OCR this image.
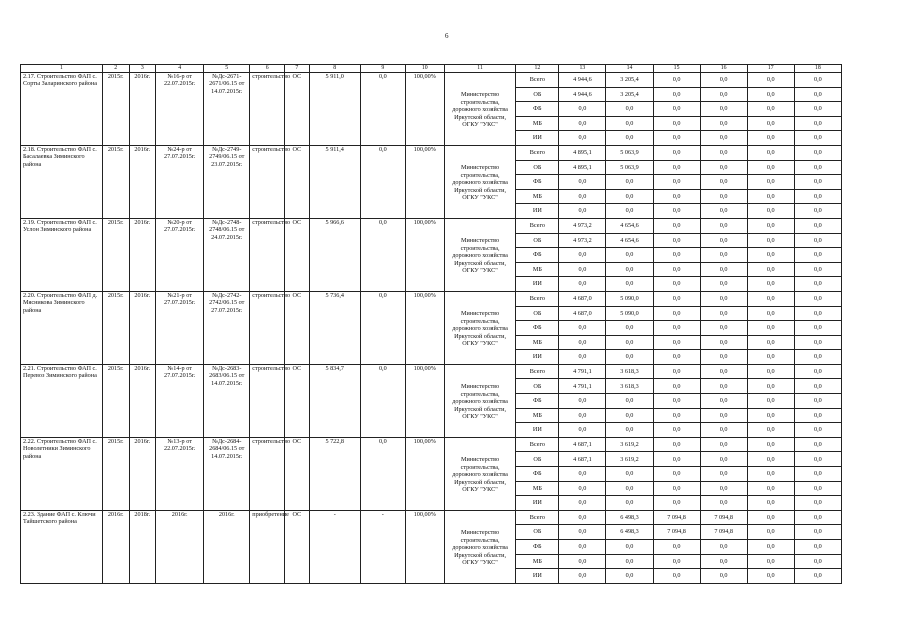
6
1	2	3	4	5	6	7	8	9	10	11	12	13	14	15	16	17	18
2.17. Строительство ФАП с. Сорты Заларинского района	2015г.	2016г.	№16-р от 22.07.2015г.	№Дс-2671-2671/06.15 от 14.07.2015г.	строительство	ОС	5 911,0	0,0	100,00%	Министерство строительства, дорожного хозяйства Иркутской области, ОГКУ "УКС"	Всего	4 944,6	3 205,4	0,0	0,0	0,0	0,0
											ОБ	4 944,6	3 205,4	0,0	0,0	0,0	0,0
											ФБ	0,0	0,0	0,0	0,0	0,0	0,0
											МБ	0,0	0,0	0,0	0,0	0,0	0,0
											ИИ	0,0	0,0	0,0	0,0	0,0	0,0
2.18. Строительство ФАП с. Басалаевка Зиминского района	2015г.	2016г.	№24-р от 27.07.2015г.	№Дс-2749-2749/06.15 от 23.07.2015г.	строительство	ОС	5 911,4	0,0	100,00%	Министерство строительства, дорожного хозяйства Иркутской области, ОГКУ "УКС"	Всего	4 895,1	5 063,9	0,0	0,0	0,0	0,0
											ОБ	4 895,1	5 063,9	0,0	0,0	0,0	0,0
											ФБ	0,0	0,0	0,0	0,0	0,0	0,0
											МБ	0,0	0,0	0,0	0,0	0,0	0,0
											ИИ	0,0	0,0	0,0	0,0	0,0	0,0
2.19. Строительство ФАП с. Услон Зиминского района	2015г.	2016г.	№20-р от 27.07.2015г.	№Дс-2748-2748/06.15 от 24.07.2015г.	строительство	ОС	5 966,6	0,0	100,00%	Министерство строительства, дорожного хозяйства Иркутской области, ОГКУ "УКС"	Всего	4 973,2	4 654,6	0,0	0,0	0,0	0,0
											ОБ	4 973,2	4 654,6	0,0	0,0	0,0	0,0
											ФБ	0,0	0,0	0,0	0,0	0,0	0,0
											МБ	0,0	0,0	0,0	0,0	0,0	0,0
											ИИ	0,0	0,0	0,0	0,0	0,0	0,0
2.20. Строительство ФАП д. Мясникова Зиминского района	2015г.	2016г.	№21-р от 27.07.2015г.	№Дс-2742-2742/06.15 от 27.07.2015г.	строительство	ОС	5 736,4	0,0	100,00%	Министерство строительства, дорожного хозяйства Иркутской области, ОГКУ "УКС"	Всего	4 687,0	5 090,0	0,0	0,0	0,0	0,0
											ОБ	4 687,0	5 090,0	0,0	0,0	0,0	0,0
											ФБ	0,0	0,0	0,0	0,0	0,0	0,0
											МБ	0,0	0,0	0,0	0,0	0,0	0,0
											ИИ	0,0	0,0	0,0	0,0	0,0	0,0
2.21. Строительство ФАП с. Перевоз Зиминского района	2015г.	2016г.	№14-р от 27.07.2015г.	№Дс-2683-2683/06.15 от 14.07.2015г.	строительство	ОС	5 834,7	0,0	100,00%	Министерство строительства, дорожного хозяйства Иркутской области, ОГКУ "УКС"	Всего	4 791,1	3 618,3	0,0	0,0	0,0	0,0
											ОБ	4 791,1	3 618,3	0,0	0,0	0,0	0,0
											ФБ	0,0	0,0	0,0	0,0	0,0	0,0
											МБ	0,0	0,0	0,0	0,0	0,0	0,0
											ИИ	0,0	0,0	0,0	0,0	0,0	0,0
2.22. Строительство ФАП с. Новолетники Зиминского района	2015г.	2016г.	№13-р от 22.07.2015г.	№Дс-2684-2684/06.15 от 14.07.2015г.	строительство	ОС	5 722,8	0,0	100,00%	Министерство строительства, дорожного хозяйства Иркутской области, ОГКУ "УКС"	Всего	4 687,1	3 619,2	0,0	0,0	0,0	0,0
											ОБ	4 687,1	3 619,2	0,0	0,0	0,0	0,0
											ФБ	0,0	0,0	0,0	0,0	0,0	0,0
											МБ	0,0	0,0	0,0	0,0	0,0	0,0
											ИИ	0,0	0,0	0,0	0,0	0,0	0,0
2.23. Здание ФАП с. Ключи Тайшетского района	2016г.	2018г.	2016г.	2016г.	приобретение	ОС	-	-	100,00%	Министерство строительства, дорожного хозяйства Иркутской области, ОГКУ "УКС"	Всего	0,0	6 498,3	7 094,8	7 094,8	0,0	0,0
											ОБ	0,0	6 498,3	7 094,8	7 094,8	0,0	0,0
											ФБ	0,0	0,0	0,0	0,0	0,0	0,0
											МБ	0,0	0,0	0,0	0,0	0,0	0,0
											ИИ	0,0	0,0	0,0	0,0	0,0	0,0
